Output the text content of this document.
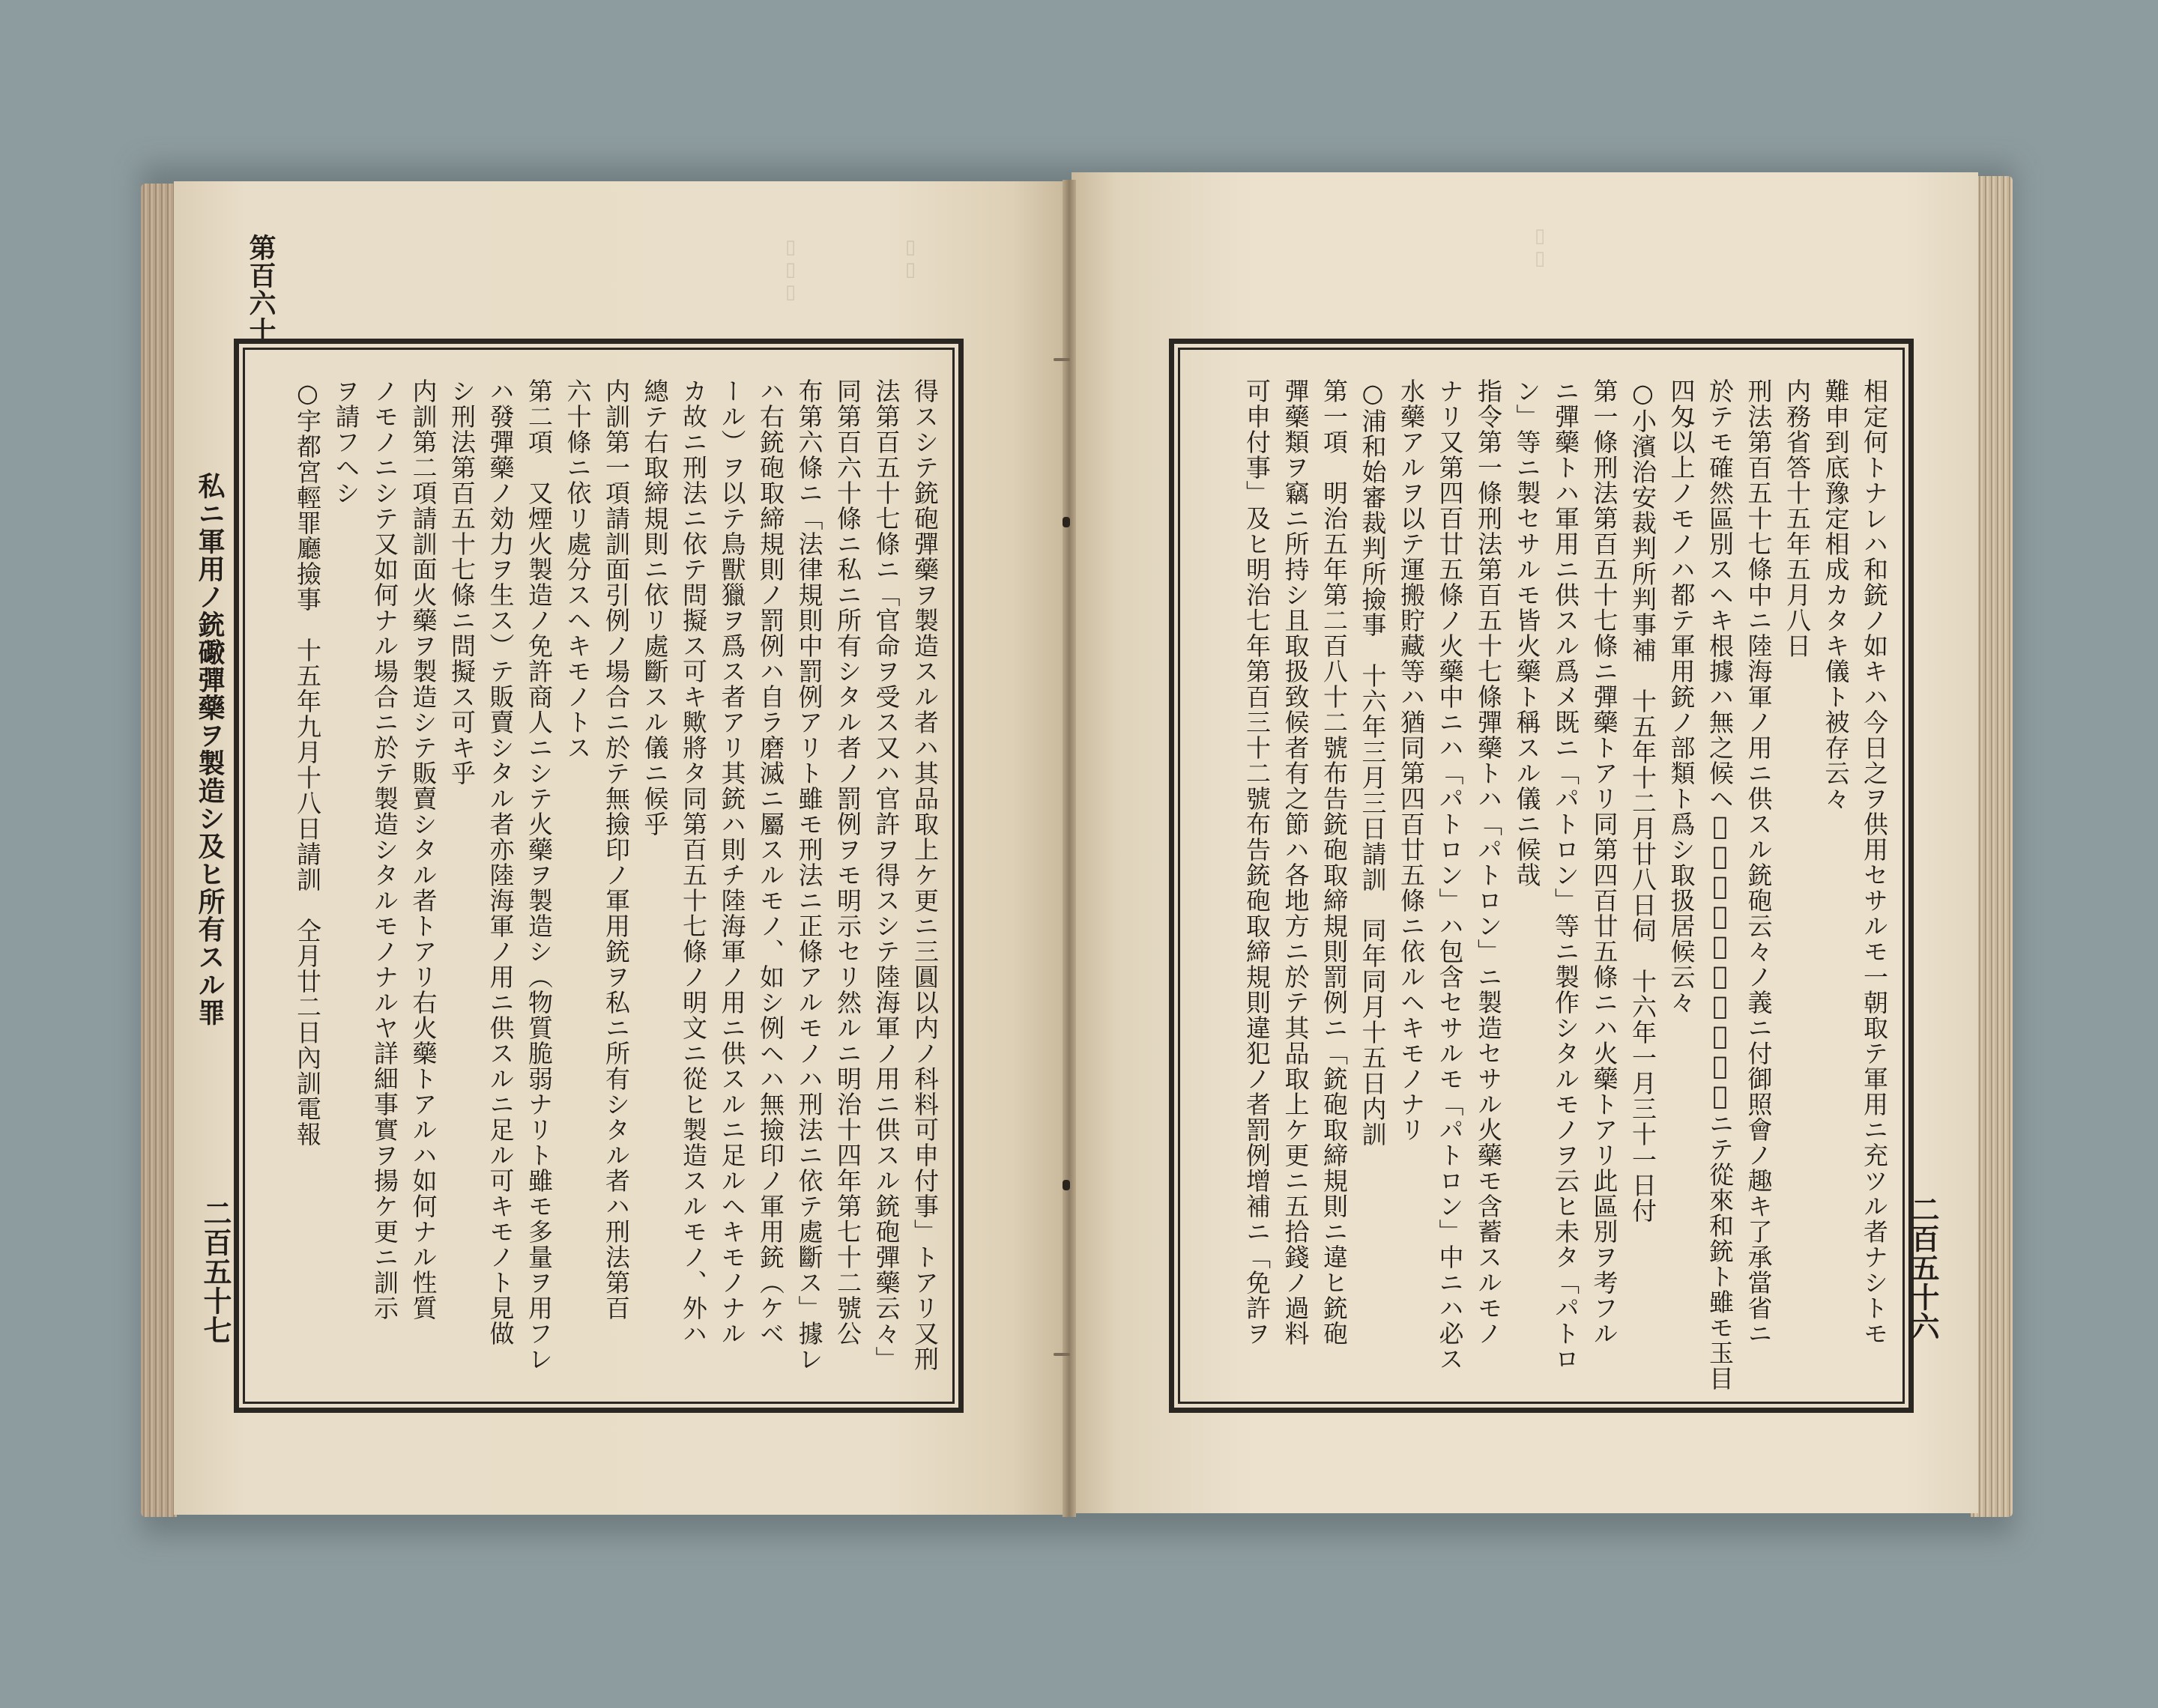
▯▯▯	▯▯	▯▯
第百六十
私ニ軍用ノ銃礮彈藥ヲ製造シ及ヒ所有スル罪
二百五十七	得スシテ銃砲彈藥ヲ製造スル者ハ其品取上ケ更ニ三圓以内ノ科料可申付事」トアリ又刑
法第百五十七條ニ「官命ヲ受ス又ハ官許ヲ得スシテ陸海軍ノ用ニ供スル銃砲彈藥云々」
同第百六十條ニ私ニ所有シタル者ノ罰例ヲモ明示セリ然ルニ明治十四年第七十二號公
布第六條ニ「法律規則中罰例アリト雖モ刑法ニ正條アルモノハ刑法ニ依テ處斷ス」據レ
ハ右銃砲取締規則ノ罰例ハ自ラ磨滅ニ屬スルモノ、如シ例ヘハ無撿印ノ軍用銃（ケベ
ール）ヲ以テ鳥獸獵ヲ爲ス者アリ其銃ハ則チ陸海軍ノ用ニ供スルニ足ルヘキモノナル
カ故ニ刑法ニ依テ問擬ス可キ歟將タ同第百五十七條ノ明文ニ從ヒ製造スルモノ、外ハ
總テ右取締規則ニ依リ處斷スル儀ニ候乎
内訓第一項請訓面引例ノ場合ニ於テ無撿印ノ軍用銃ヲ私ニ所有シタル者ハ刑法第百
六十條ニ依リ處分スヘキモノトス
第二項　又煙火製造ノ免許商人ニシテ火藥ヲ製造シ（物質脆弱ナリト雖モ多量ヲ用フレ
ハ發彈藥ノ効力ヲ生ス）テ販賣シタル者亦陸海軍ノ用ニ供スルニ足ル可キモノト見做
シ刑法第百五十七條ニ問擬ス可キ乎
内訓第二項請訓面火藥ヲ製造シテ販賣シタル者トアリ右火藥トアルハ如何ナル性質
ノモノニシテ又如何ナル場合ニ於テ製造シタルモノナルヤ詳細事實ヲ揚ケ更ニ訓示
ヲ請フヘシ
○宇都宮輕罪廳撿事　十五年九月十八日請訓　仝月廿二日內訓電報
二百五十六
相定何トナレハ和銃ノ如キハ今日之ヲ供用セサルモ一朝取テ軍用ニ充ツル者ナシトモ
難申到底豫定相成カタキ儀ト被存云々
内務省答十五年五月八日
刑法第百五十七條中ニ陸海軍ノ用ニ供スル銃砲云々ノ義ニ付御照會ノ趣キ了承當省ニ
於テモ確然區別スヘキ根據ハ無之候ヘ𪜈現行銃砲取締規則上ニテ從來和銃ト雖モ玉目
四匁以上ノモノハ都テ軍用銃ノ部類ト爲シ取扱居候云々
○小濱治安裁判所判事補　十五年十二月廿八日伺　十六年一月三十一日付
第一條刑法第百五十七條ニ彈藥トアリ同第四百廿五條ニハ火藥トアリ此區別ヲ考フル
ニ彈藥トハ軍用ニ供スル爲メ既ニ「パトロン」等ニ製作シタルモノヲ云ヒ未タ「パトロ
ン」等ニ製セサルモ皆火藥ト稱スル儀ニ候哉
指令第一條刑法第百五十七條彈藥トハ「パトロン」ニ製造セサル火藥モ含蓄スルモノ
ナリ又第四百廿五條ノ火藥中ニハ「パトロン」ハ包含セサルモ「パトロン」中ニハ必ス
水藥アルヲ以テ運搬貯藏等ハ猶同第四百廿五條ニ依ルヘキモノナリ
○浦和始審裁判所撿事　十六年三月三日請訓　同年同月十五日内訓
第一項　明治五年第二百八十二號布告銃砲取締規則罰例ニ「銃砲取締規則ニ違ヒ銃砲
彈藥類ヲ竊ニ所持シ且取扱致候者有之節ハ各地方ニ於テ其品取上ケ更ニ五拾錢ノ過料
可申付事」及ヒ明治七年第百三十二號布告銃砲取締規則違犯ノ者罰例增補ニ「免許ヲ
